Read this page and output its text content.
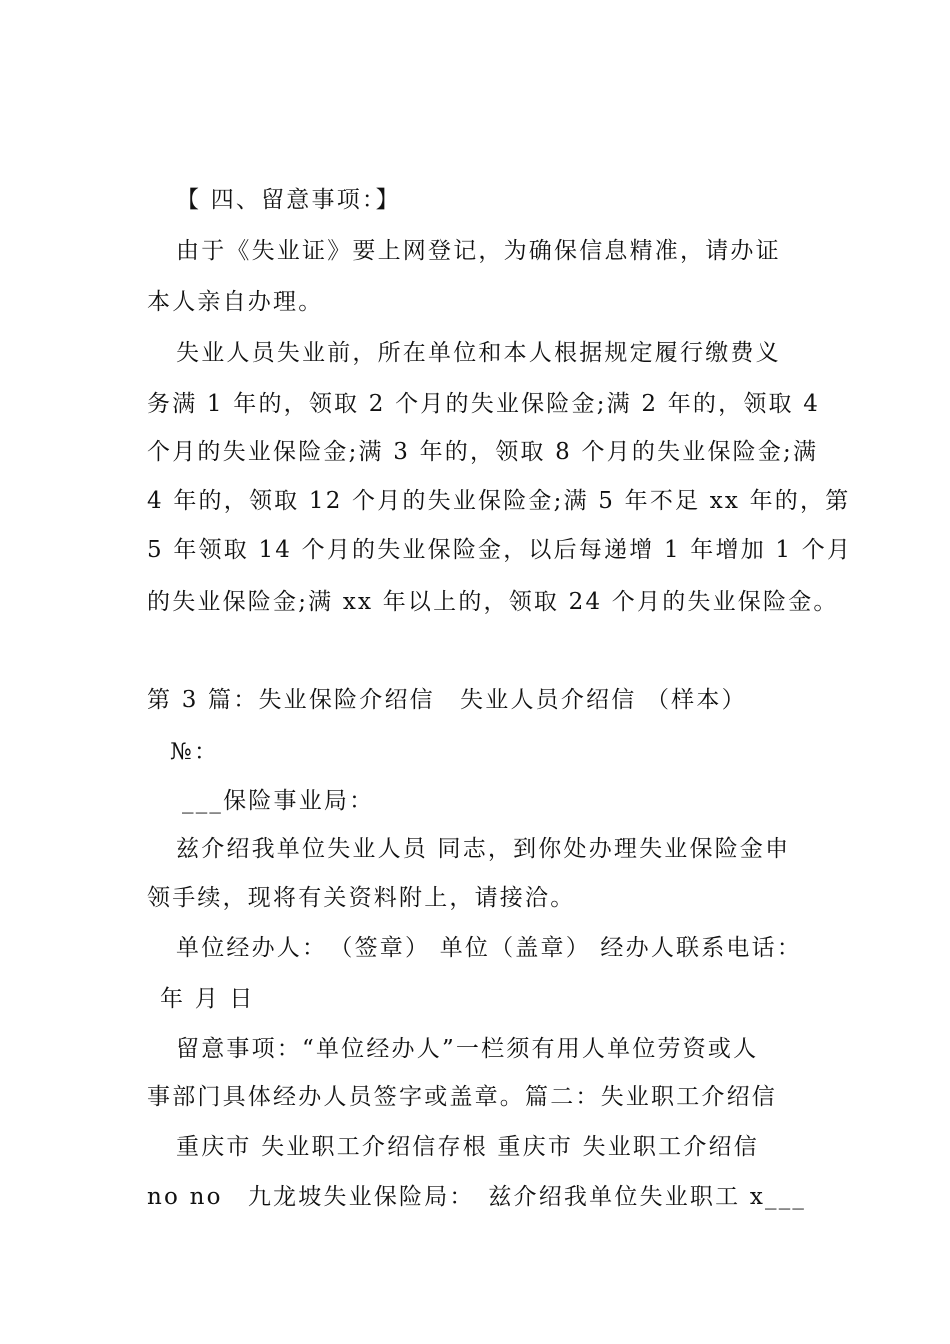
【 四、留意事项：】
由于《失业证》要上网登记，为确保信息精准，请办证
本人亲自办理。
失业人员失业前，所在单位和本人根据规定履行缴费义
务满 1 年的，领取 2 个月的失业保险金;满 2 年的，领取 4
个月的失业保险金;满 3 年的，领取 8 个月的失业保险金;满
4 年的，领取 12 个月的失业保险金;满 5 年不足 xx 年的，第
5 年领取 14 个月的失业保险金，以后每递增 1 年增加 1 个月
的失业保险金;满 xx 年以上的，领取 24 个月的失业保险金。
第 3 篇：失业保险介绍信　失业人员介绍信 （样本）
№：
___保险事业局：
兹介绍我单位失业人员 同志，到你处办理失业保险金申
领手续，现将有关资料附上，请接洽。
单位经办人：　（签章） 单位（盖章） 经办人联系电话：
年 月 日
留意事项：“单位经办人”一栏须有用人单位劳资或人
事部门具体经办人员签字或盖章。篇二：失业职工介绍信
重庆市 失业职工介绍信存根 重庆市 失业职工介绍信
no no　九龙坡失业保险局：　兹介绍我单位失业职工 x___
